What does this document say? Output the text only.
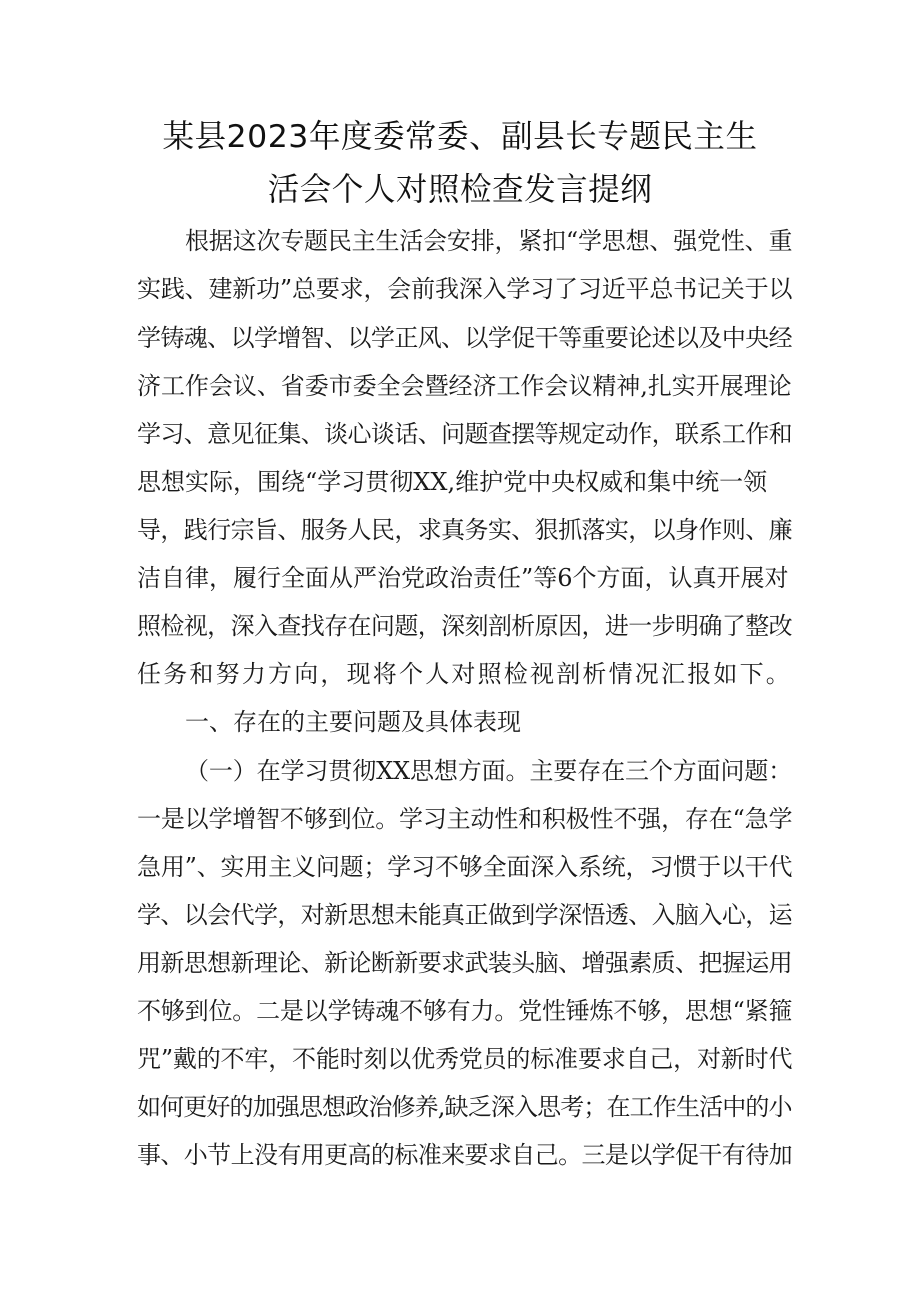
某县2023年度委常委、副县长专题民主生
活会个人对照检查发言提纲
根据这次专题民主生活会安排，紧扣“学思想、强党性、重
实践、建新功”总要求，会前我深入学习了习近平总书记关于以
学铸魂、以学增智、以学正风、以学促干等重要论述以及中央经
济工作会议、省委市委全会暨经济工作会议精神,扎实开展理论
学习、意见征集、谈心谈话、问题查摆等规定动作，联系工作和
思想实际，围绕“学习贯彻XX,维护党中央权威和集中统一领
导，践行宗旨、服务人民，求真务实、狠抓落实，以身作则、廉
洁自律，履行全面从严治党政治责任”等6个方面，认真开展对
照检视，深入查找存在问题，深刻剖析原因，进一步明确了整改
任务和努力方向，现将个人对照检视剖析情况汇报如下。
一、存在的主要问题及具体表现
（一）在学习贯彻XX思想方面。主要存在三个方面问题：
一是以学增智不够到位。学习主动性和积极性不强，存在“急学
急用”、实用主义问题；学习不够全面深入系统，习惯于以干代
学、以会代学，对新思想未能真正做到学深悟透、入脑入心，运
用新思想新理论、新论断新要求武装头脑、增强素质、把握运用
不够到位。二是以学铸魂不够有力。党性锤炼不够，思想“紧箍
咒”戴的不牢，不能时刻以优秀党员的标准要求自己，对新时代
如何更好的加强思想政治修养,缺乏深入思考；在工作生活中的小
事、小节上没有用更高的标准来要求自己。三是以学促干有待加
